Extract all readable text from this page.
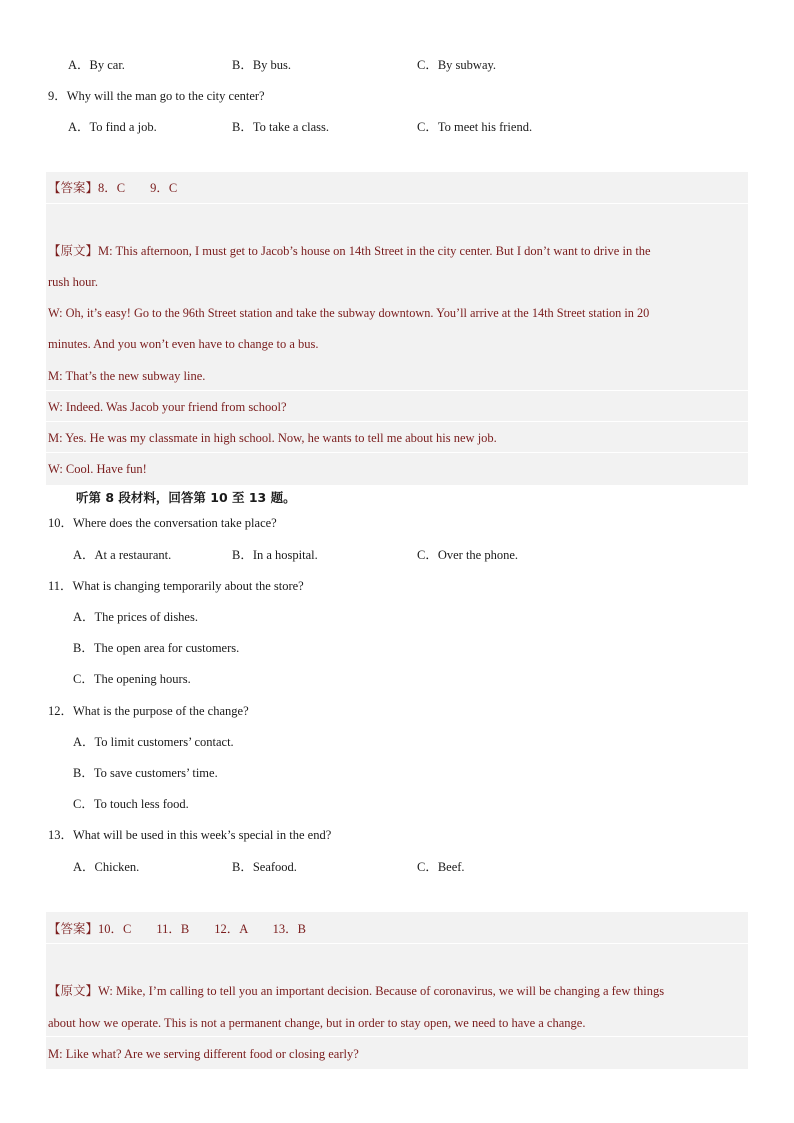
A．By car.	B．By bus.	C．By subway.
9．Why will the man go to the city center?
A．To find a job.	B．To take a class.	C．To meet his friend.
【答案】8．C　　9．C
【原文】M: This afternoon, I must get to Jacob’s house on 14th Street in the city center. But I don’t want to drive in the
rush hour.
W: Oh, it’s easy! Go to the 96th Street station and take the subway downtown. You’ll arrive at the 14th Street station in 20
minutes. And you won’t even have to change to a bus.
M: That’s the new subway line.
W: Indeed. Was Jacob your friend from school?
M: Yes. He was my classmate in high school. Now, he wants to tell me about his new job.
W: Cool. Have fun!
听第 8 段材料，回答第 10 至 13 题。
10．Where does the conversation take place?
A．At a restaurant.	B．In a hospital.	C．Over the phone.
11．What is changing temporarily about the store?
A．The prices of dishes.
B．The open area for customers.
C．The opening hours.
12．What is the purpose of the change?
A．To limit customers’ contact.
B．To save customers’ time.
C．To touch less food.
13．What will be used in this week’s special in the end?
A．Chicken.	B．Seafood.	C．Beef.
【答案】10．C　　11．B　　12．A　　13．B
【原文】W: Mike, I’m calling to tell you an important decision. Because of coronavirus, we will be changing a few things
about how we operate. This is not a permanent change, but in order to stay open, we need to have a change.
M: Like what? Are we serving different food or closing early?
